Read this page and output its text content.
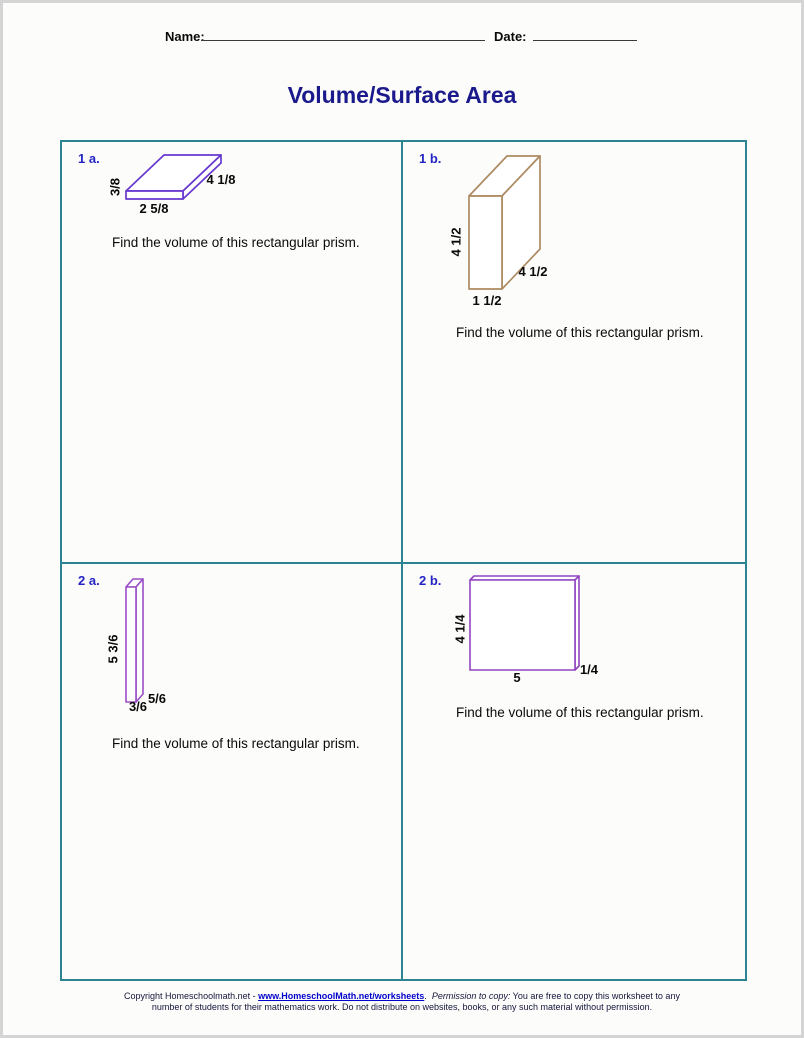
Name:	Date:
Volume/Surface Area
1 a.
3/8
2 5/8
4 1/8
Find the volume of this rectangular prism.
1 b.
4 1/2
1 1/2
4 1/2
Find the volume of this rectangular prism.
2 a.
5 3/6
3/6
5/6
Find the volume of this rectangular prism.
2 b.
4 1/4
5
1/4
Find the volume of this rectangular prism.
Copyright Homeschoolmath.net - www.HomeschoolMath.net/worksheets.  Permission to copy: You are free to copy this worksheet to any
number of students for their mathematics work. Do not distribute on websites, books, or any such material without permission.
